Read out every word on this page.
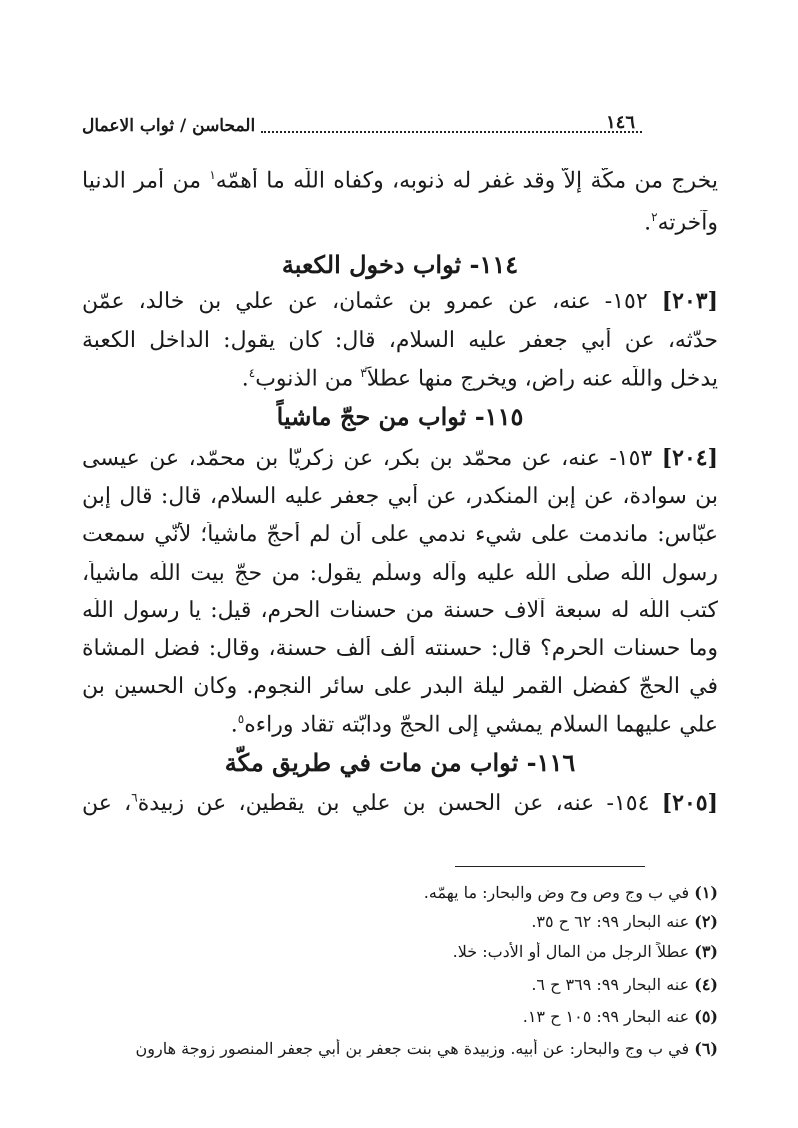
١٤٦
المحاسن / ثواب الاعمال
يخرج من مكّة إلاّ وقد غفر له ذنوبه، وكفاه اللّه ما أهمّه$^١$ من أمر الدنيا
وآخرته$^٢$.
١١٤- ثواب دخول الكعبة
[٢٠٣] ١٥٢- عنه، عن عمرو بن عثمان، عن علي بن خالد، عمّن
حدّثه، عن أبي جعفر عليه السلام، قال: كان يقول: الداخل الكعبة
يدخل واللّه عنه راض، ويخرج منها عطلاً$^٣$ من الذنوب$^٤$.
١١٥- ثواب من حجّ ماشياً
[٢٠٤] ١٥٣- عنه، عن محمّد بن بكر، عن زكريّا بن محمّد، عن عيسى
بن سوادة، عن إبن المنكدر، عن أبي جعفر عليه السلام، قال: قال إبن
عبّاس: ماندمت على شيء ندمي على أن لم أحجّ ماشياً؛ لأنّي سمعت
رسول اللّه صلّى اللّه عليه وآله وسلّم يقول: من حجّ بيت اللّه ماشياً،
كتب اللّه له سبعة آلاف حسنة من حسنات الحرم، قيل: يا رسول اللّه
وما حسنات الحرم؟ قال: حسنته ألف ألف حسنة، وقال: فضل المشاة
في الحجّ كفضل القمر ليلة البدر على سائر النجوم. وكان الحسين بن
علي عليهما السلام يمشي إلى الحجّ ودابّته تقاد وراءه$^٥$.
١١٦- ثواب من مات في طريق مكّة
[٢٠٥] ١٥٤- عنه، عن الحسن بن علي بن يقطين، عن زبيدة$^٦$، عن
(١) في ب وج وص وح وض والبحار: ما يهمّه.
(٢) عنه البحار ٩٩: ٦٢ ح ٣٥.
(٣) عطلاً الرجل من المال أو الأدب: خلا.
(٤) عنه البحار ٩٩: ٣٦٩ ح ٦.
(٥) عنه البحار ٩٩: ١٠٥ ح ١٣.
(٦) في ب وج والبحار: عن أبيه. وزبيدة هي بنت جعفر بن أبي جعفر المنصور زوجة هارون
